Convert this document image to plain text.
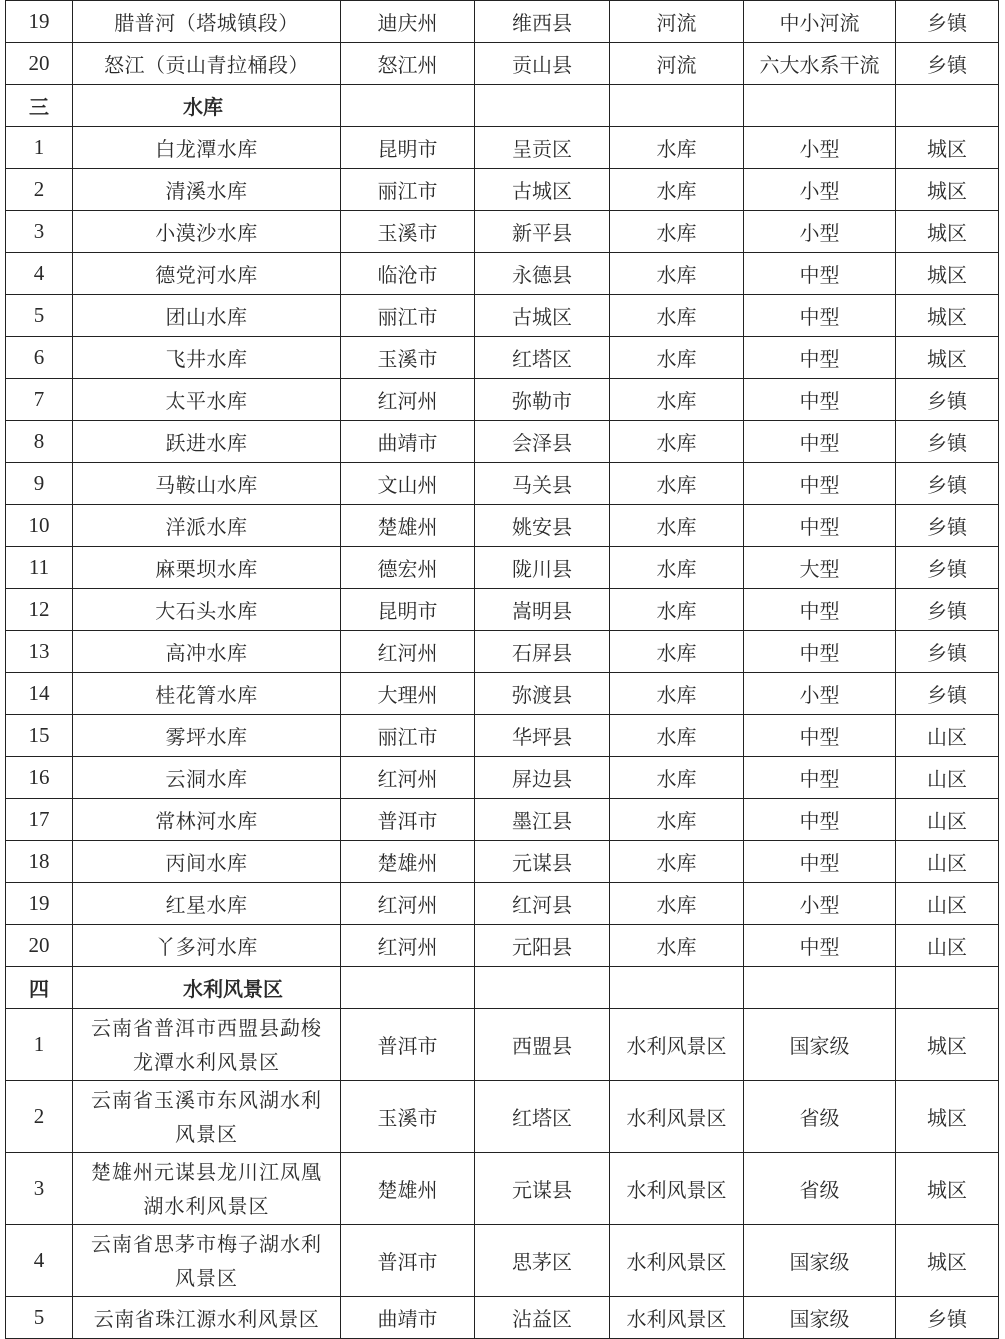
19	腊普河（塔城镇段）	迪庆州	维西县	河流	中小河流	乡镇
20	怒江（贡山青拉桶段）	怒江州	贡山县	河流	六大水系干流	乡镇
三	水库					
1	白龙潭水库	昆明市	呈贡区	水库	小型	城区
2	清溪水库	丽江市	古城区	水库	小型	城区
3	小漠沙水库	玉溪市	新平县	水库	小型	城区
4	德党河水库	临沧市	永德县	水库	中型	城区
5	团山水库	丽江市	古城区	水库	中型	城区
6	飞井水库	玉溪市	红塔区	水库	中型	城区
7	太平水库	红河州	弥勒市	水库	中型	乡镇
8	跃进水库	曲靖市	会泽县	水库	中型	乡镇
9	马鞍山水库	文山州	马关县	水库	中型	乡镇
10	洋派水库	楚雄州	姚安县	水库	中型	乡镇
11	麻栗坝水库	德宏州	陇川县	水库	大型	乡镇
12	大石头水库	昆明市	嵩明县	水库	中型	乡镇
13	高冲水库	红河州	石屏县	水库	中型	乡镇
14	桂花箐水库	大理州	弥渡县	水库	小型	乡镇
15	雾坪水库	丽江市	华坪县	水库	中型	山区
16	云洞水库	红河州	屏边县	水库	中型	山区
17	常林河水库	普洱市	墨江县	水库	中型	山区
18	丙间水库	楚雄州	元谋县	水库	中型	山区
19	红星水库	红河州	红河县	水库	小型	山区
20	丫多河水库	红河州	元阳县	水库	中型	山区
四	水利风景区					
1	云南省普洱市西盟县勐梭龙潭水利风景区	普洱市	西盟县	水利风景区	国家级	城区
2	云南省玉溪市东风湖水利风景区	玉溪市	红塔区	水利风景区	省级	城区
3	楚雄州元谋县龙川江凤凰湖水利风景区	楚雄州	元谋县	水利风景区	省级	城区
4	云南省思茅市梅子湖水利风景区	普洱市	思茅区	水利风景区	国家级	城区
5	云南省珠江源水利风景区	曲靖市	沾益区	水利风景区	国家级	乡镇
